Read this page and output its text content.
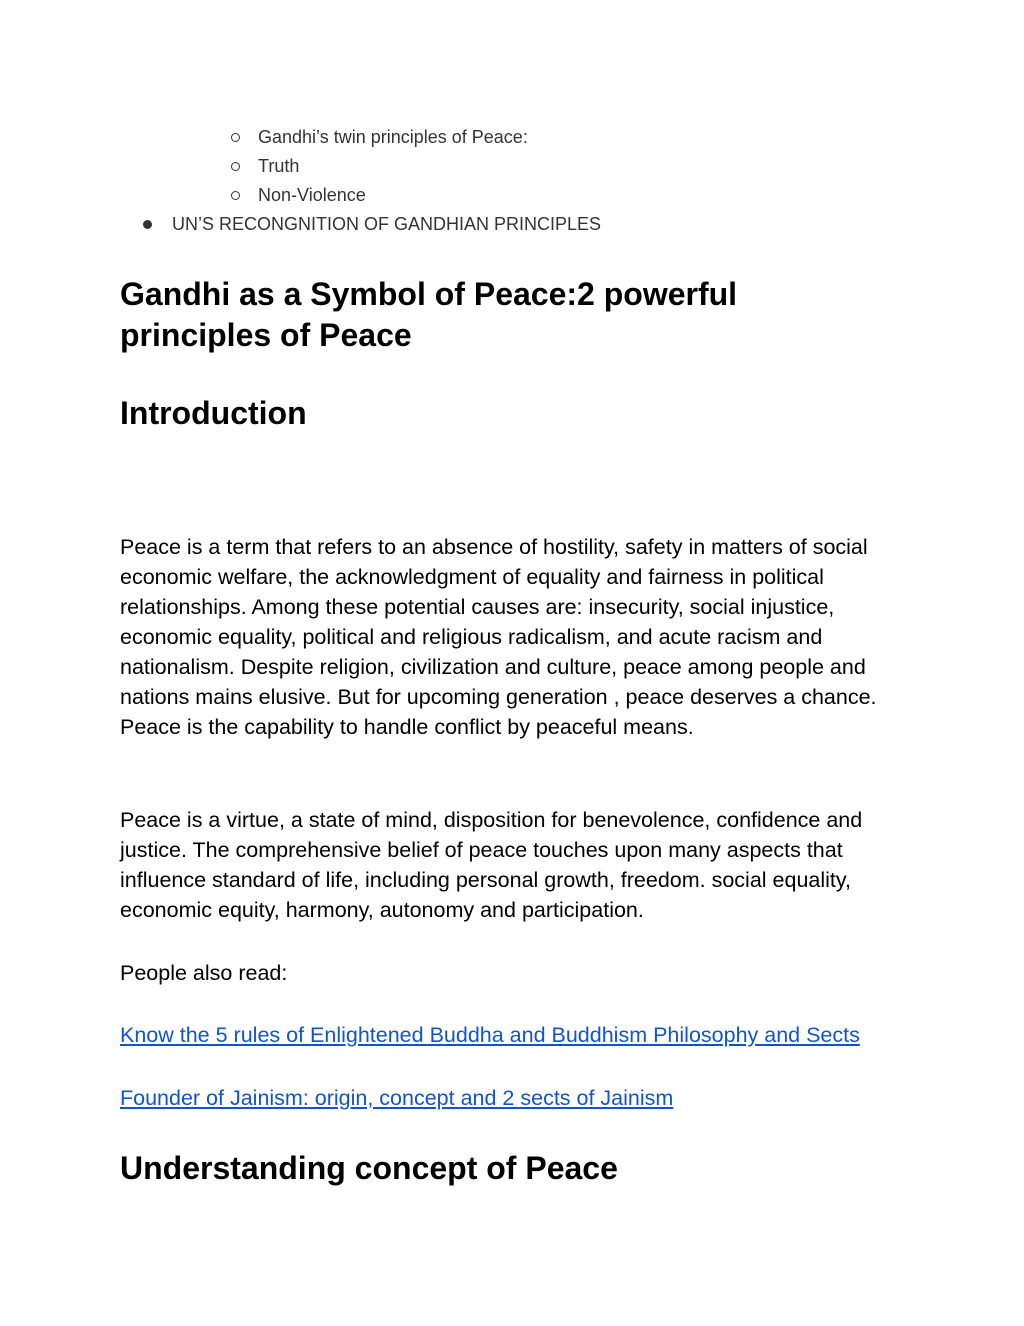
Gandhi’s twin principles of Peace:
Truth
Non-Violence
UN’S RECONGNITION OF GANDHIAN PRINCIPLES
Gandhi as a Symbol of Peace:2 powerful principles of Peace
Introduction

Peace is a term that refers to an absence of hostility, safety in matters of social economic welfare, the acknowledgment of equality and fairness in political relationships. Among these potential causes are: insecurity, social injustice, economic equality, political and religious radicalism, and acute racism and nationalism. Despite religion, civilization and culture, peace among people and nations mains elusive. But for upcoming generation , peace deserves a chance. Peace is the capability to handle conflict by peaceful means.

Peace is a virtue, a state of mind, disposition for benevolence, confidence and justice. The comprehensive belief of peace touches upon many aspects that influence standard of life, including personal growth, freedom. social equality, economic equity, harmony, autonomy and participation.

People also read:

Know the 5 rules of Enlightened Buddha and Buddhism Philosophy and Sects
Founder of Jainism: origin, concept and 2 sects of Jainism
Understanding concept of Peace
